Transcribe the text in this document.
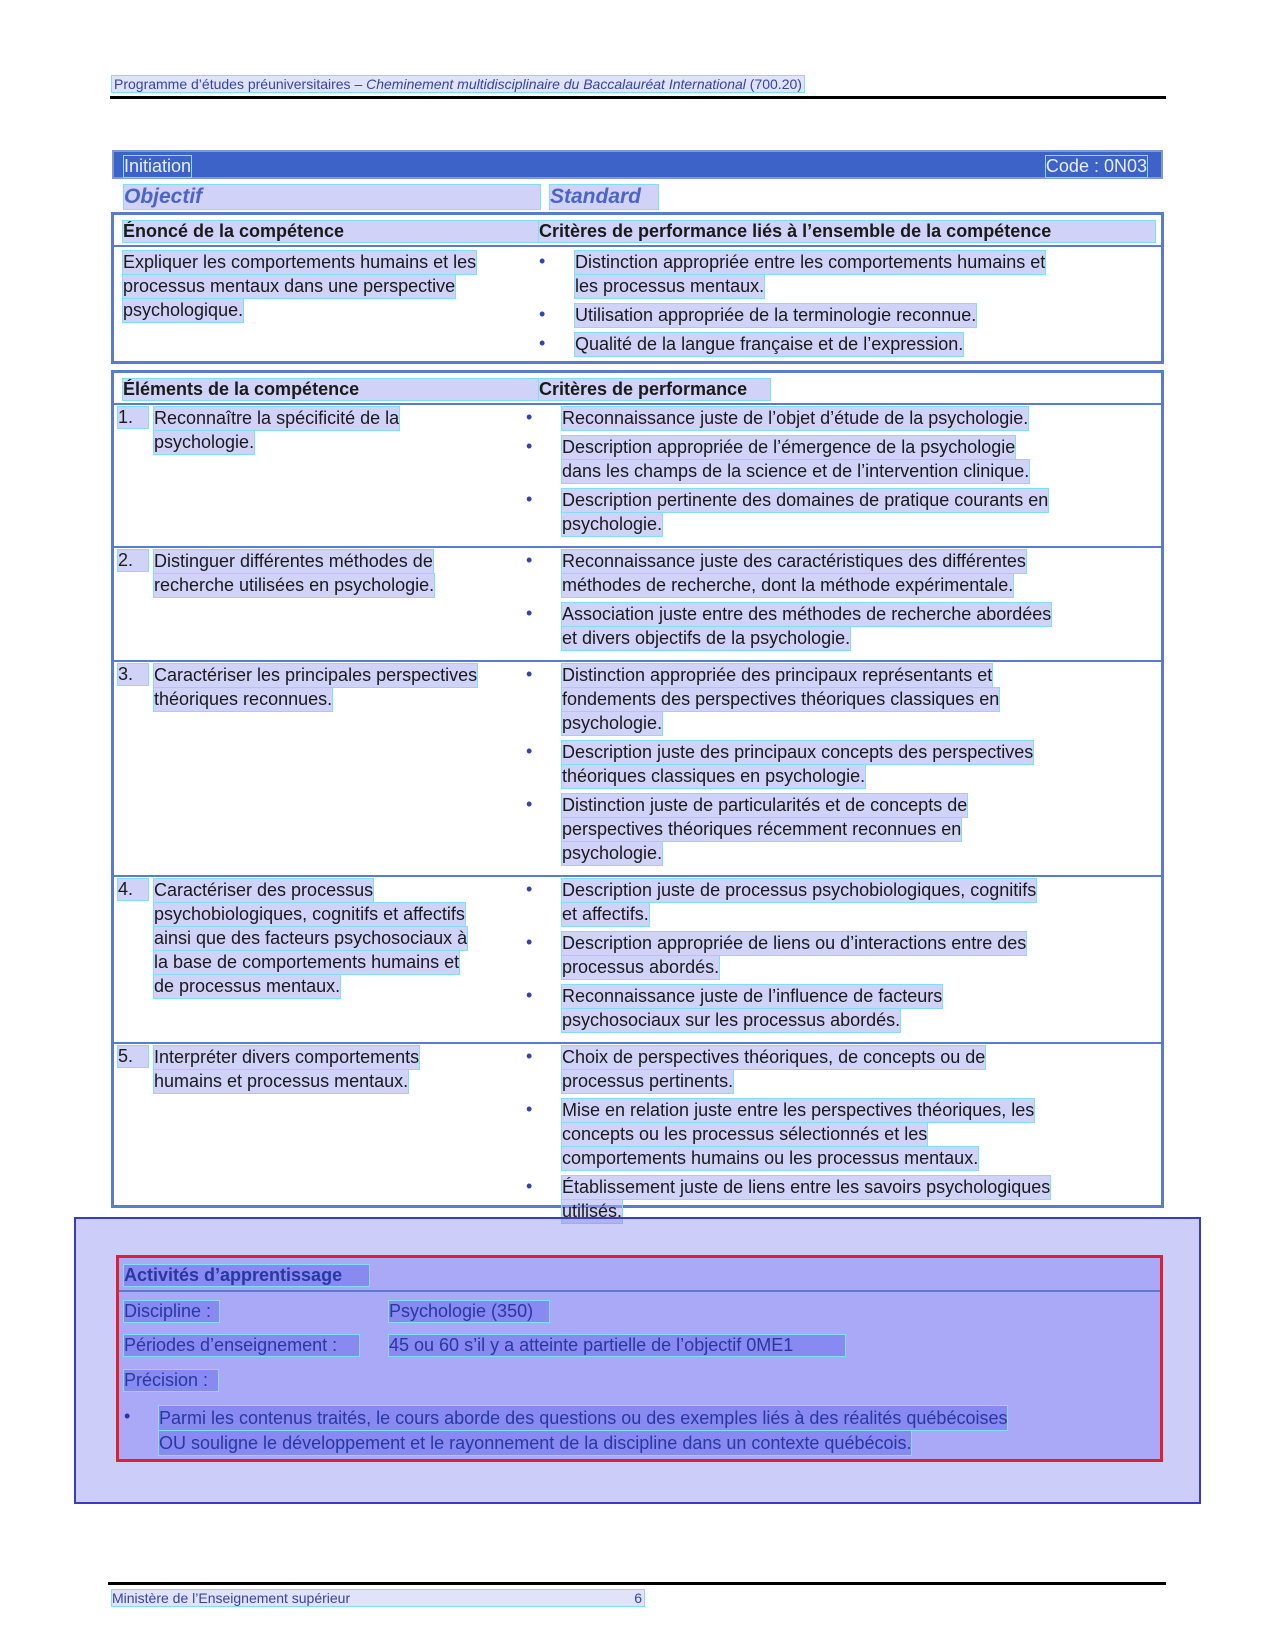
Programme d’études préuniversitaires – Cheminement multidisciplinaire du Baccalauréat International (700.20)
Initiation	Code : 0N03
Objectif	Standard
Énoncé de la compétence	Critères de performance liés à l’ensemble de la compétence
Expliquer les comportements humains et les
processus mentaux dans une perspective
psychologique.
• Distinction appropriée entre les comportements humains et
les processus mentaux.
• Utilisation appropriée de la terminologie reconnue.
• Qualité de la langue française et de l’expression.
Éléments de la compétence	Critères de performance
1.	Reconnaître la spécificité de la
psychologie.
• Reconnaissance juste de l’objet d’étude de la psychologie.
• Description appropriée de l’émergence de la psychologie
dans les champs de la science et de l’intervention clinique.
• Description pertinente des domaines de pratique courants en
psychologie.
2.	Distinguer différentes méthodes de
recherche utilisées en psychologie.
• Reconnaissance juste des caractéristiques des différentes
méthodes de recherche, dont la méthode expérimentale.
• Association juste entre des méthodes de recherche abordées
et divers objectifs de la psychologie.
3.	Caractériser les principales perspectives
théoriques reconnues.
• Distinction appropriée des principaux représentants et
fondements des perspectives théoriques classiques en
psychologie.
• Description juste des principaux concepts des perspectives
théoriques classiques en psychologie.
• Distinction juste de particularités et de concepts de
perspectives théoriques récemment reconnues en
psychologie.
4.	Caractériser des processus
psychobiologiques, cognitifs et affectifs
ainsi que des facteurs psychosociaux à
la base de comportements humains et
de processus mentaux.
• Description juste de processus psychobiologiques, cognitifs
et affectifs.
• Description appropriée de liens ou d’interactions entre des
processus abordés.
• Reconnaissance juste de l’influence de facteurs
psychosociaux sur les processus abordés.
5.	Interpréter divers comportements
humains et processus mentaux.
• Choix de perspectives théoriques, de concepts ou de
processus pertinents.
• Mise en relation juste entre les perspectives théoriques, les
concepts ou les processus sélectionnés et les
comportements humains ou les processus mentaux.
• Établissement juste de liens entre les savoirs psychologiques
utilisés.
Activités d’apprentissage
Discipline :	Psychologie (350)
Périodes d’enseignement :	45 ou 60 s’il y a atteinte partielle de l’objectif 0ME1
Précision :
• Parmi les contenus traités, le cours aborde des questions ou des exemples liés à des réalités québécoises
OU souligne le développement et le rayonnement de la discipline dans un contexte québécois.
Ministère de l’Enseignement supérieur	6
